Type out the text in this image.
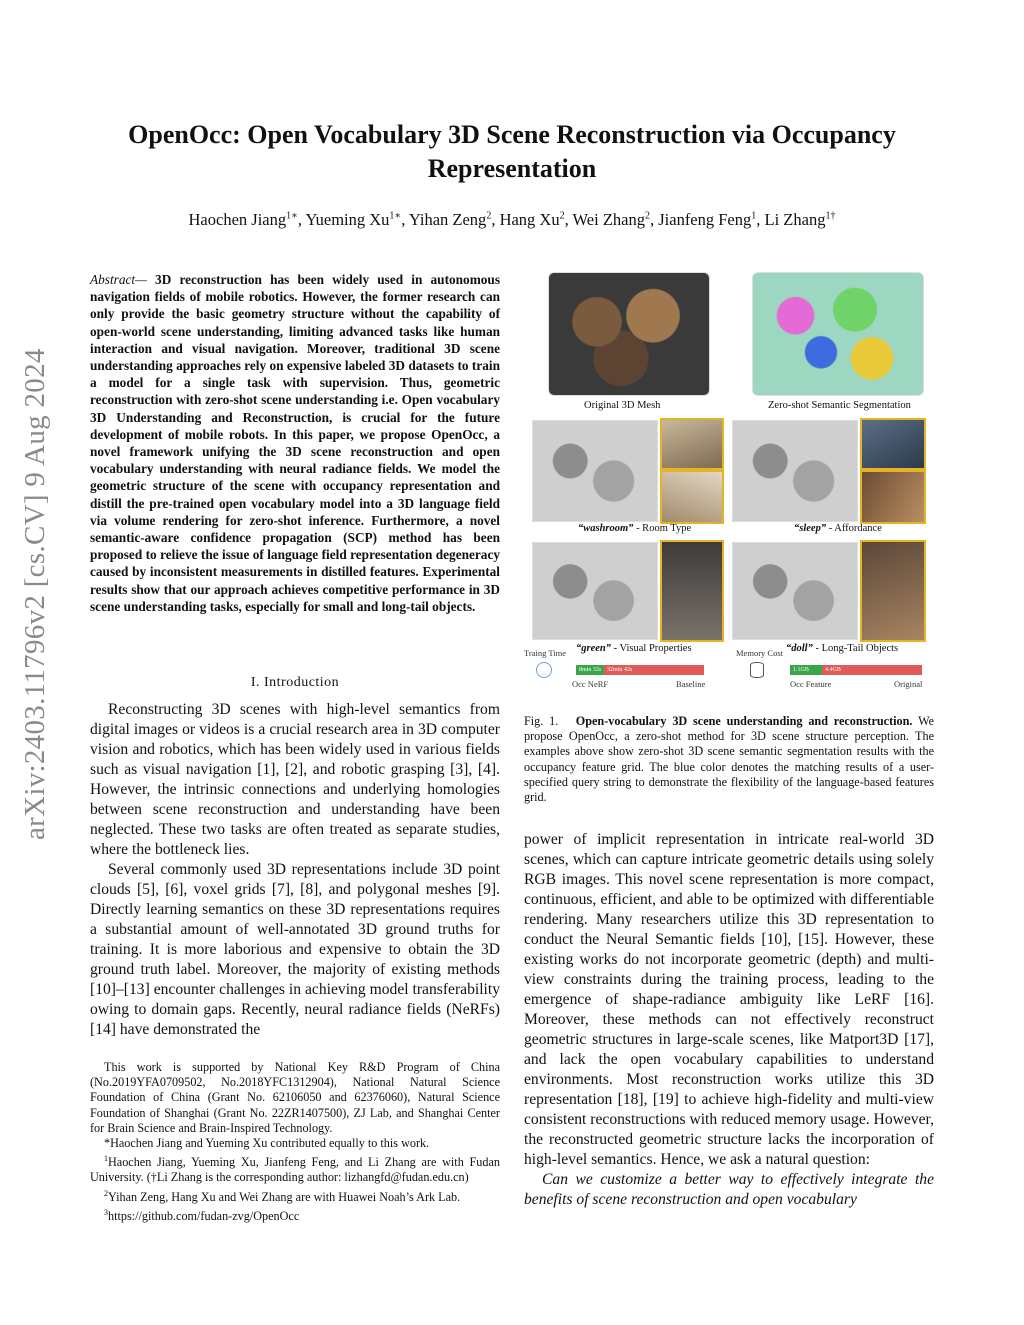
OpenOcc: Open Vocabulary 3D Scene Reconstruction via Occupancy Representation
Haochen Jiang$^{1∗}$, Yueming $Xu^{1∗}$, Yihan Zeng$^2$, Hang Xu$^2$, Wei Zhang$^2$, Jianfeng Feng$^1$, Li Zhang$^{1\dagger}$
arXiv:2403.11796v2 [cs.CV] 9 Aug 2024
Abstract— 3D reconstruction has been widely used in autonomous navigation fields of mobile robotics. However, the former research can only provide the basic geometry structure without the capability of open-world scene understanding, limiting advanced tasks like human interaction and visual navigation. Moreover, traditional 3D scene understanding approaches rely on expensive labeled 3D datasets to train a model for a single task with supervision. Thus, geometric reconstruction with zero-shot scene understanding i.e. Open vocabulary 3D Understanding and Reconstruction, is crucial for the future development of mobile robots. In this paper, we propose OpenOcc, a novel framework unifying the 3D scene reconstruction and open vocabulary understanding with neural radiance fields. We model the geometric structure of the scene with occupancy representation and distill the pre-trained open vocabulary model into a 3D language field via volume rendering for zero-shot inference. Furthermore, a novel semantic-aware confidence propagation (SCP) method has been proposed to relieve the issue of language field representation degeneracy caused by inconsistent measurements in distilled features. Experimental results show that our approach achieves competitive performance in 3D scene understanding tasks, especially for small and long-tail objects.
I. Introduction

Reconstructing 3D scenes with high-level semantics from digital images or videos is a crucial research area in 3D computer vision and robotics, which has been widely used in various fields such as visual navigation [1], [2], and robotic grasping [3], [4]. However, the intrinsic connections and underlying homologies between scene reconstruction and understanding have been neglected. These two tasks are often treated as separate studies, where the bottleneck lies.

Several commonly used 3D representations include 3D point clouds [5], [6], voxel grids [7], [8], and polygonal meshes [9]. Directly learning semantics on these 3D representations requires a substantial amount of well-annotated 3D ground truths for training. It is more laborious and expensive to obtain the 3D ground truth label. Moreover, the majority of existing methods [10]–[13] encounter challenges in achieving model transferability owing to domain gaps. Recently, neural radiance fields (NeRFs) [14] have demonstrated the

This work is supported by National Key R&D Program of China (No.2019YFA0709502, No.2018YFC1312904), National Natural Science Foundation of China (Grant No. 62106050 and 62376060), Natural Science Foundation of Shanghai (Grant No. 22ZR1407500), ZJ Lab, and Shanghai Center for Brain Science and Brain-Inspired Technology.

*Haochen Jiang and Yueming Xu contributed equally to this work.

$^1$Haochen Jiang, Yueming Xu, Jianfeng Feng, and Li Zhang are with Fudan University. (†Li Zhang is the corresponding author: lizhangfd@fudan.edu.cn)

$^2$Yihan Zeng, Hang Xu and Wei Zhang are with Huawei Noah’s Ark Lab.

$^3$https://github.com/fudan-zvg/OpenOcc

Original 3D Mesh	Zero-shot Semantic Segmentation
“washroom” - Room Type	“sleep” - Affordance
“green” - Visual Properties	“doll” - Long-Tail Objects
Traing Time
8min 32s 32min 42s
Occ NeRF	Baseline
Memory Cost
1.1GB	4.4GB
Occ Feature	Original
Fig. 1. Open-vocabulary 3D scene understanding and reconstruction. We propose OpenOcc, a zero-shot method for 3D scene structure perception. The examples above show zero-shot 3D scene semantic segmentation results with the occupancy feature grid. The blue color denotes the matching results of a user-specified query string to demonstrate the flexibility of the language-based features grid.

power of implicit representation in intricate real-world 3D scenes, which can capture intricate geometric details using solely RGB images. This novel scene representation is more compact, continuous, efficient, and able to be optimized with differentiable rendering. Many researchers utilize this 3D representation to conduct the Neural Semantic fields [10], [15]. However, these existing works do not incorporate geometric (depth) and multi-view constraints during the training process, leading to the emergence of shape-radiance ambiguity like LeRF [16]. Moreover, these methods can not effectively reconstruct geometric structures in large-scale scenes, like Matport3D [17], and lack the open vocabulary capabilities to understand environments. Most reconstruction works utilize this 3D representation [18], [19] to achieve high-fidelity and multi-view consistent reconstructions with reduced memory usage. However, the reconstructed geometric structure lacks the incorporation of high-level semantics. Hence, we ask a natural question:

Can we customize a better way to effectively integrate the benefits of scene reconstruction and open vocabulary
